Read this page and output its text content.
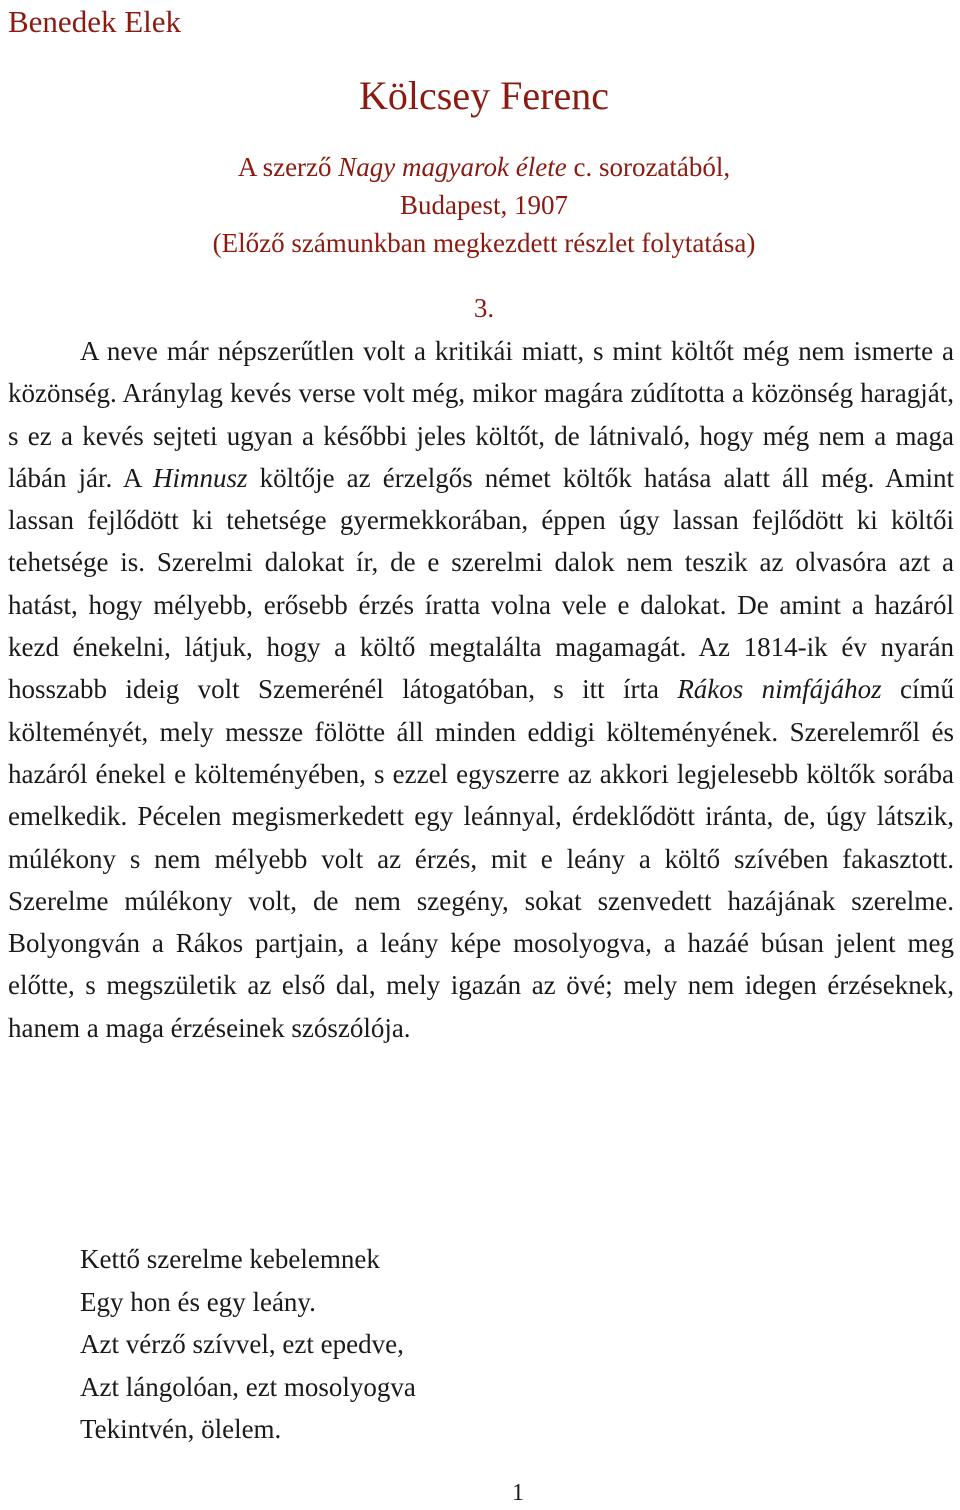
Benedek Elek
Kölcsey Ferenc
A szerző Nagy magyarok élete c. sorozatából,
Budapest, 1907
(Előző számunkban megkezdett részlet folytatása)
3.

A neve már népszerűtlen volt a kritikái miatt, s mint költőt még nem ismerte a közönség. Aránylag kevés verse volt még, mikor magára zúdította a közönség haragját, s ez a kevés sejteti ugyan a későbbi jeles költőt, de látnivaló, hogy még nem a maga lábán jár. A Himnusz költője az érzelgős német költők hatása alatt áll még. Amint lassan fejlődött ki tehetsége gyermekkorában, éppen úgy lassan fejlődött ki költői tehetsége is. Szerelmi dalokat ír, de e szerelmi dalok nem teszik az olvasóra azt a hatást, hogy mélyebb, erősebb érzés íratta volna vele e dalokat. De amint a hazáról kezd énekelni, látjuk, hogy a költő megtalálta magamagát. Az 1814-ik év nyarán hosszabb ideig volt Szemerénél látogatóban, s itt írta Rákos nimfájához című költeményét, mely messze fölötte áll minden eddigi költeményének. Szerelemről és hazáról énekel e költeményében, s ezzel egyszerre az akkori legjelesebb költők sorába emelkedik. Pécelen megismerkedett egy leánnyal, érdeklődött iránta, de, úgy látszik, múlékony s nem mélyebb volt az érzés, mit e leány a költő szívében fakasztott. Szerelme múlékony volt, de nem szegény, sokat szenvedett hazájának szerelme. Bolyongván a Rákos partjain, a leány képe mosolyogva, a hazáé búsan jelent meg előtte, s megszületik az első dal, mely igazán az övé; mely nem idegen érzéseknek, hanem a maga érzéseinek szószólója.

Kettő szerelme kebelemnek
Egy hon és egy leány.
Azt vérző szívvel, ezt epedve,
Azt lángolóan, ezt mosolyogva
Tekintvén, ölelem.
1
